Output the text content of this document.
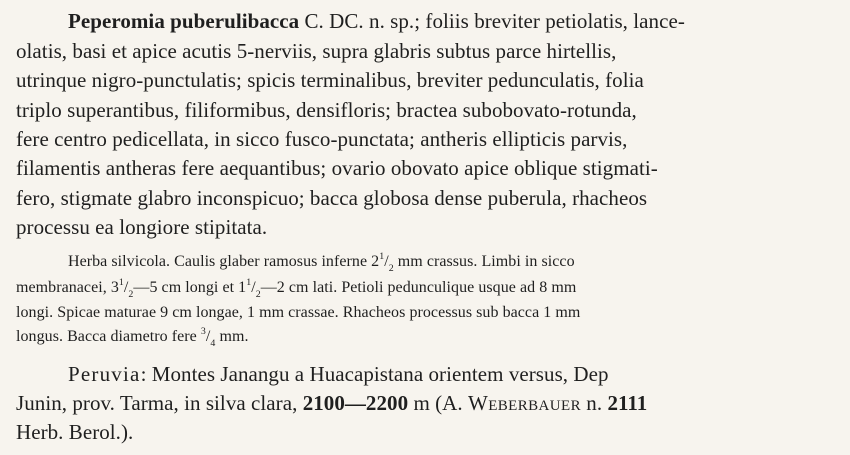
Peperomia puberulibacca C. DC. n. sp.; foliis breviter petiolatis, lance-
olatis, basi et apice acutis 5-nerviis, supra glabris subtus parce hirtellis,
utrinque nigro-punctulatis; spicis terminalibus, breviter pedunculatis, folia
triplo superantibus, filiformibus, densifloris; bractea subobovato-rotunda,
fere centro pedicellata, in sicco fusco-punctata; antheris ellipticis parvis,
filamentis antheras fere aequantibus; ovario obovato apice oblique stigmati-
fero, stigmate glabro inconspicuo; bacca globosa dense puberula, rhacheos
processu ea longiore stipitata.
Herba silvicola. Caulis glaber ramosus inferne $2^1/_2$ mm crassus. Limbi in sicco
membranacei, $3^1/_2—5$ cm longi et $1^1/_2—2$ cm lati. Petioli pedunculique usque ad 8 mm
longi. Spicae maturae 9 cm longae, 1 mm crassae. Rhacheos processus sub bacca 1 mm
longus. Bacca diametro fere $^3/_4$ mm.
Peruvia: Montes Janangu a Huacapistana orientem versus, Dep
Junin, prov. Tarma, in silva clara, 2100—2200 m (A. Weberbauer n. 2111
Herb. Berol.).
